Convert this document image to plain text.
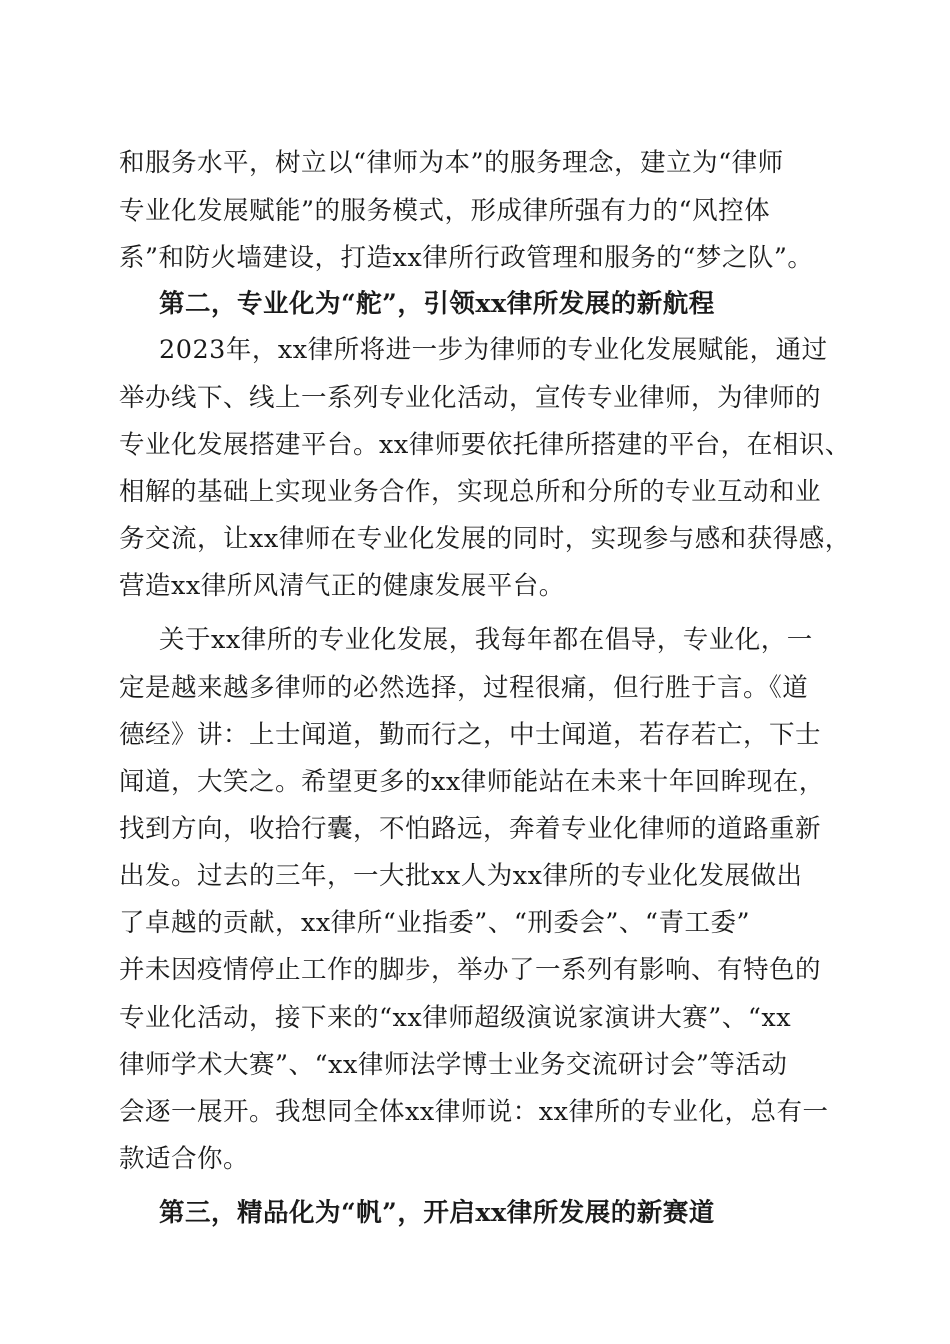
和服务水平，树立以“律师为本”的服务理念，建立为“律师
专业化发展赋能”的服务模式，形成律所强有力的“风控体
系”和防火墙建设，打造xx律所行政管理和服务的“梦之队”。
第二，专业化为“舵”，引领xx律所发展的新航程
2023年，xx律所将进一步为律师的专业化发展赋能，通过
举办线下、线上一系列专业化活动，宣传专业律师，为律师的
专业化发展搭建平台。xx律师要依托律所搭建的平台，在相识、
相解的基础上实现业务合作，实现总所和分所的专业互动和业
务交流，让xx律师在专业化发展的同时，实现参与感和获得感，
营造xx律所风清气正的健康发展平台。
关于xx律所的专业化发展，我每年都在倡导，专业化，一
定是越来越多律师的必然选择，过程很痛，但行胜于言。《道
德经》讲：上士闻道，勤而行之，中士闻道，若存若亡，下士
闻道，大笑之。希望更多的xx律师能站在未来十年回眸现在，
找到方向，收拾行囊，不怕路远，奔着专业化律师的道路重新
出发。过去的三年，一大批xx人为xx律所的专业化发展做出
了卓越的贡献，xx律所“业指委”、“刑委会”、“青工委”
并未因疫情停止工作的脚步，举办了一系列有影响、有特色的
专业化活动，接下来的“xx律师超级演说家演讲大赛”、“xx
律师学术大赛”、“xx律师法学博士业务交流研讨会”等活动
会逐一展开。我想同全体xx律师说：xx律所的专业化，总有一
款适合你。
第三，精品化为“帆”，开启xx律所发展的新赛道
